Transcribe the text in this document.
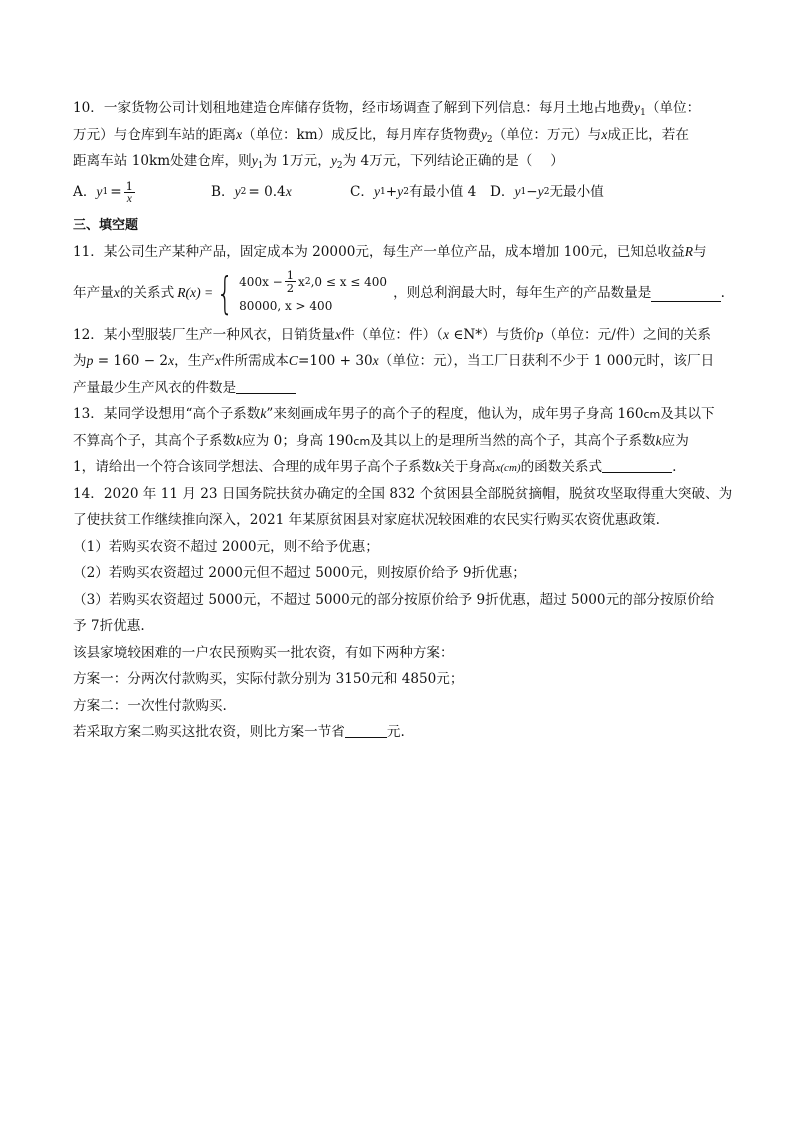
10．一家货物公司计划租地建造仓库储存货物，经市场调查了解到下列信息：每月土地占地费$y_1$（单位：
万元）与仓库到车站的距离x（单位：km）成反比，每月库存货物费$y_2$（单位：万元）与x成正比，若在
距离车站 10km处建仓库，则$y_1$为 1万元，$y_2$为 4万元，下列结论正确的是（　 ）
A． y $1 = \frac{1}{x}$	B． y 2 = 0.4 x	C． y 1 + y 2 有最小值 4 D． y 1 − y 2 无最小值
三、填空题
11．某公司生产某种产品，固定成本为 20000元，每生产一单位产品，成本增加 100元，已知总收益R与
年产量 x 的关系式 R(x) = { $400x - \frac{1}{2}$ x 2 ,0 ≤ x ≤ 400
80000, x > 400
，则总利润最大时，每年生产的产品数量是	.
12．某小型服装厂生产一种风衣，日销货量x件（单位：件）（x ∈N*）与货价p（单位：元/件）之间的关系
为p = 160 − 2x，生产x件所需成本C=100 + 30x（单位：元），当工厂日获利不少于 1 000元时，该厂日
产量最少生产风衣的件数是
13．某同学设想用“高个子系数k”来刻画成年男子的高个子的程度，他认为，成年男子身高 160cm及其以下
不算高个子，其高个子系数k应为 0；身高 190cm及其以上的是理所当然的高个子，其高个子系数k应为
1，请给出一个符合该同学想法、合理的成年男子高个子系数k关于身高x(cm)的函数关系式	.
14．2020 年 11 月 23 日国务院扶贫办确定的全国 832 个贫困县全部脱贫摘帽，脱贫攻坚取得重大突破、为
了使扶贫工作继续推向深入，2021 年某原贫困县对家庭状况较困难的农民实行购买农资优惠政策.
（1）若购买农资不超过 2000元，则不给予优惠；
（2）若购买农资超过 2000元但不超过 5000元，则按原价给予 9折优惠；
（3）若购买农资超过 5000元，不超过 5000元的部分按原价给予 9折优惠，超过 5000元的部分按原价给
予 7折优惠.
该县家境较困难的一户农民预购买一批农资，有如下两种方案：
方案一：分两次付款购买，实际付款分别为 3150元和 4850元；
方案二：一次性付款购买.
若采取方案二购买这批农资，则比方案一节省	元.
